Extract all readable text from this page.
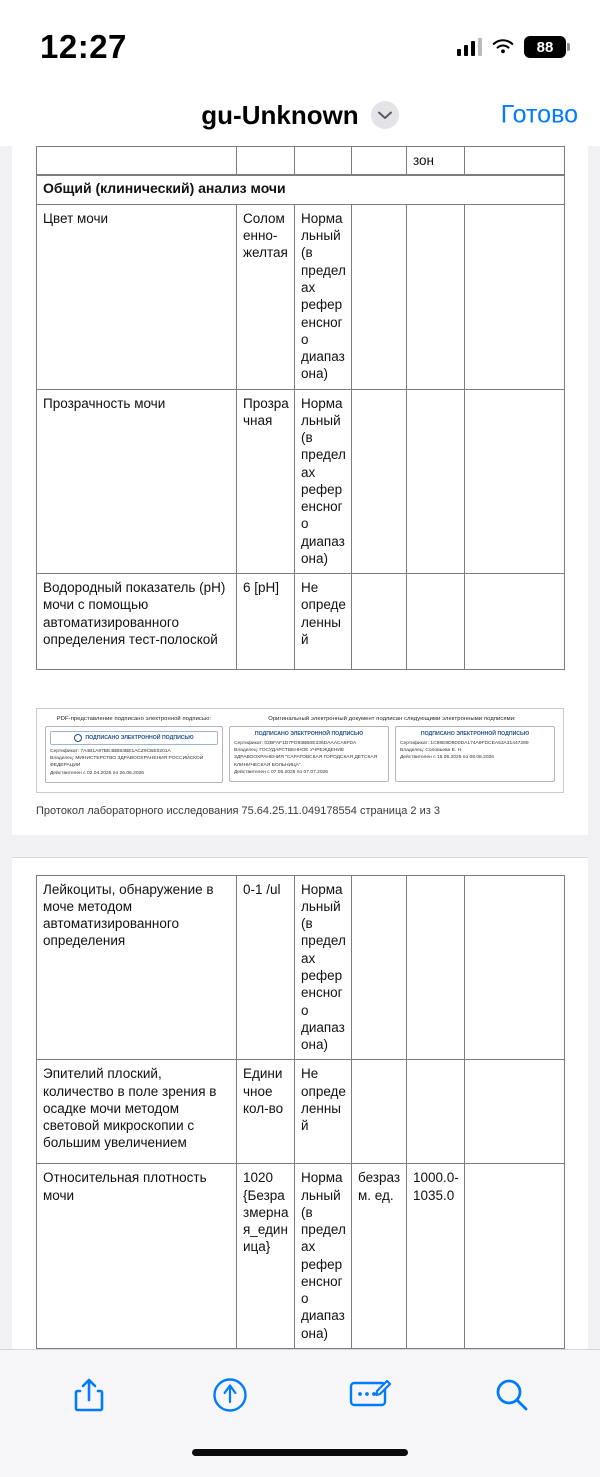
12:27	88
gu-Unknown	Готово
				зон	
Общий (клинический) анализ мочи					
Цвет мочи	Соломенно-желтая	Нормальный (в пределах референсного диапазона)			
Прозрачность мочи	Прозрачная	Нормальный (в пределах референсного диапазона)			
Водородный показатель (pH) мочи с помощью автоматизированного определения тест-полоской	6 [pH]	Не определенный			
PDF-представление подписано электронной подписью:
ПОДПИСАНО ЭЛЕКТРОННОЙ ПОДПИСЬЮ
Сертификат: 7А4В1А97ВЕ4ВВ64ВЕ1АСZ9СБЕ0201А
Владелец: МИНИСТЕРСТВО ЗДРАВООХРАНЕНИЯ РОССИЙСКОЙ ФЕДЕРАЦИИ
Действителен с 02.04.2025 по 26.06.2026
Оригинальный электронный документ подписан следующими электронными подписями:
ПОДПИСАНО ЭЛЕКТРОННОЙ ПОДПИСЬЮ
Сертификат: 02BFAF1D7FD93BB0E336DAAACA6FDA
Владелец: ГОСУДАРСТВЕННОЕ УЧРЕЖДЕНИЕ ЗДРАВООХРАНЕНИЯ "САРАТОВСКАЯ ГОРОДСКАЯ ДЕТСКАЯ КЛИНИЧЕСКАЯ БОЛЬНИЦА"
Действителен с 07.05.2025 по 07.07.2026
ПОДПИСАНО ЭЛЕКТРОННОЙ ПОДПИСЬЮ
Сертификат: 1С98E8D9D0DA174A9FDCEA53A31447289
Владелец: Соловьева Е. Н.
Действителен с 15.05.2025 по 08.08.2026
Протокол лабораторного исследования 75.64.25.11.049178554 страница 2 из 3
Лейкоциты, обнаружение в моче методом автоматизированного определения	0-1 /ul	Нормальный (в пределах референсного диапазона)			
Эпителий плоский, количество в поле зрения в осадке мочи методом световой микроскопии с большим увеличением	Единичное кол-во	Не определенный			
Относительная плотность мочи	1020 {Безразмерная_единица}	Нормальный (в пределах референсного диапазона)	безразм. ед.	1000.0-1035.0	
